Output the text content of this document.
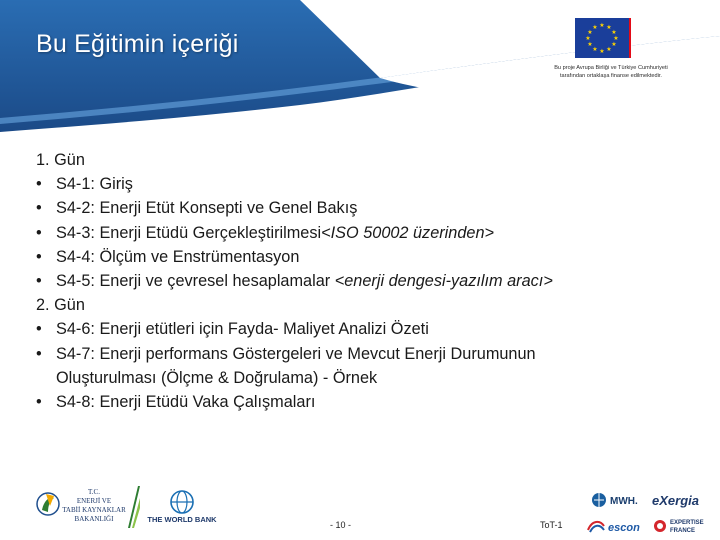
Bu Eğitimin içeriği
★ ★
★
★
★
★
★
★
★
★
★
★
Bu proje Avrupa Birliği ve Türkiye Cumhuriyeti
tarafından ortaklaşa finanse edilmektedir.
1. Gün
• S4-1: Giriş
• S4-2: Enerji Etüt Konsepti ve Genel Bakış
• S4-3: Enerji Etüdü Gerçekleştirilmesi<ISO 50002 üzerinden>
• S4-4: Ölçüm ve Enstrümentasyon
• S4-5: Enerji ve çevresel hesaplamalar <enerji dengesi-yazılım aracı>
2. Gün
• S4-6: Enerji etütleri için Fayda- Maliyet Analizi Özeti
• S4-7: Enerji performans Göstergeleri ve Mevcut Enerji Durumunun
Oluşturulması (Ölçme & Doğrulama) - Örnek
• S4-8: Enerji Etüdü Vaka Çalışmaları
T.C.
ENERJİ VE
TABİİ KAYNAKLAR
BAKANLIĞI	THE WORLD BANK
- 10 -	ToT-1
MWH. eXergia
escon	EXPERTISE
FRANCE
